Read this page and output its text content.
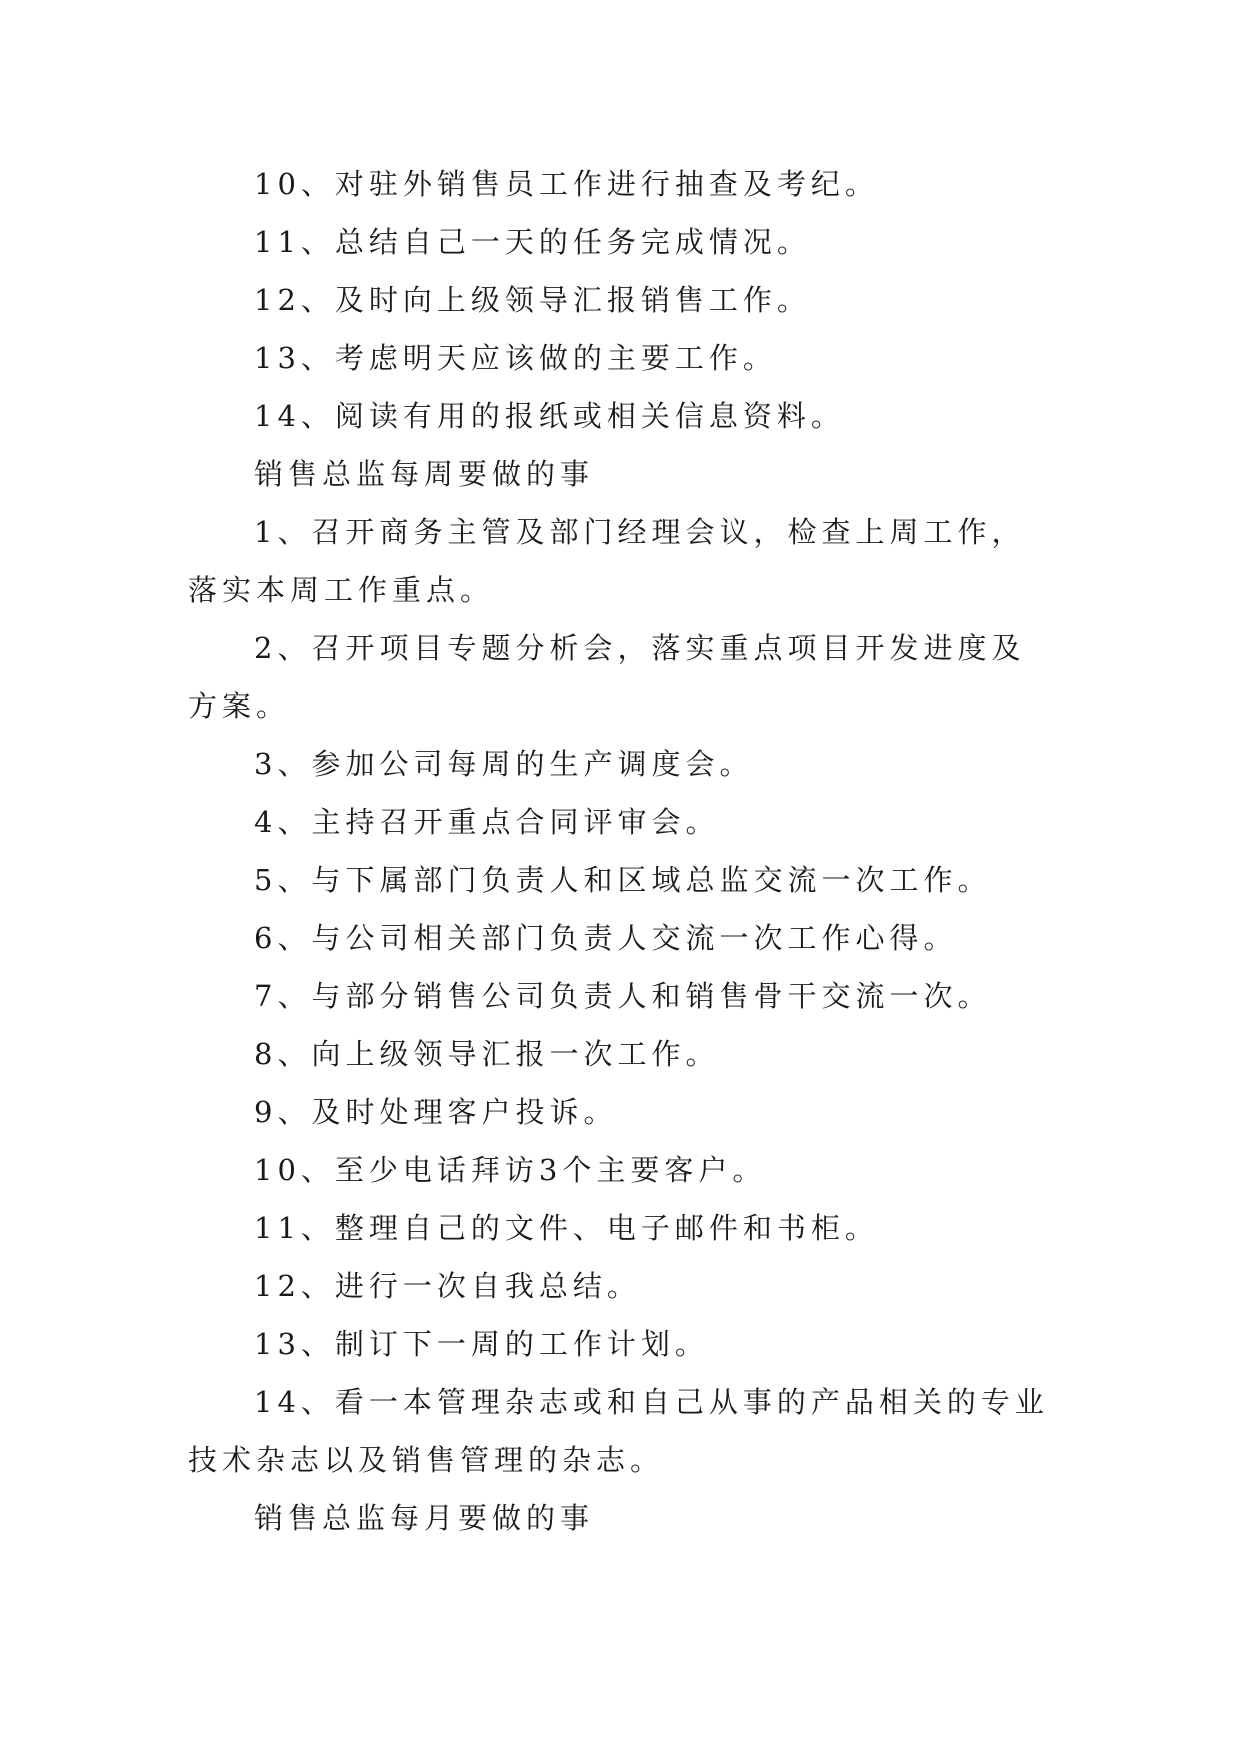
10、对驻外销售员工作进行抽查及考纪。

11、总结自己一天的任务完成情况。

12、及时向上级领导汇报销售工作。

13、考虑明天应该做的主要工作。

14、阅读有用的报纸或相关信息资料。

销售总监每周要做的事

1、召开商务主管及部门经理会议，检查上周工作，落实本周工作重点。

2、召开项目专题分析会，落实重点项目开发进度及方案。

3、参加公司每周的生产调度会。

4、主持召开重点合同评审会。

5、与下属部门负责人和区域总监交流一次工作。

6、与公司相关部门负责人交流一次工作心得。

7、与部分销售公司负责人和销售骨干交流一次。

8、向上级领导汇报一次工作。

9、及时处理客户投诉。

10、至少电话拜访3个主要客户。

11、整理自己的文件、电子邮件和书柜。

12、进行一次自我总结。

13、制订下一周的工作计划。

14、看一本管理杂志或和自己从事的产品相关的专业技术杂志以及销售管理的杂志。

销售总监每月要做的事
